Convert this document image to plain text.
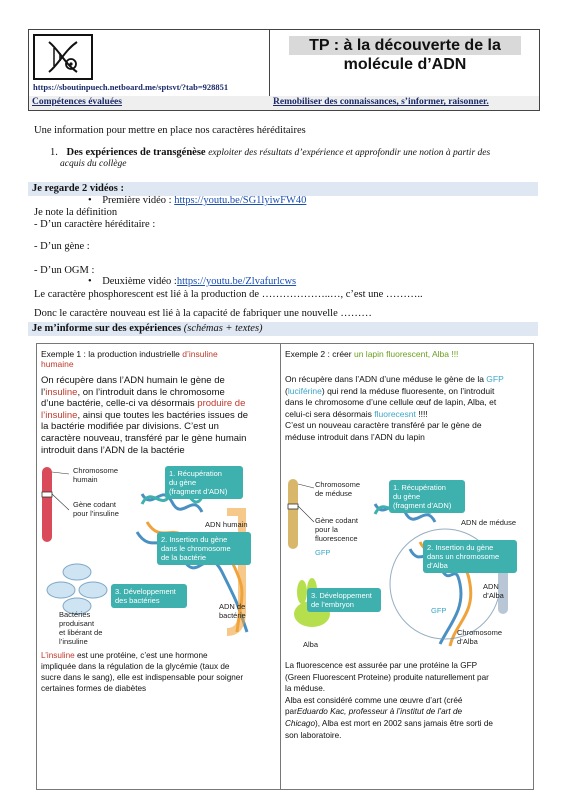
https://sboutinpuech.netboard.me/sptsvt/?tab=928851
TP : à la découverte de la
molécule d’ADN
Compétences évaluées	Remobiliser des connaissances, s’informer, raisonner.
Une information pour mettre en place nos caractères héréditaires
1. Des expériences de transgénèse exploiter des résultats d’expérience et approfondir une notion à partir des
acquis du collège
Je regarde 2 vidéos :
•    Première vidéo : https://youtu.be/SG1lyiwFW40
Je note la définition
- D’un caractère héréditaire :
- D’un gène :
- D’un OGM :
•    Deuxième vidéo :https://youtu.be/Zlvafurlcws
Le caractère phosphorescent est lié à la production de ………………..…, c’est une ………..
Donc le caractère nouveau est lié à la capacité de fabriquer une nouvelle ………
Je m’informe sur des expériences (schémas + textes)
Exemple 1 : la production industrielle d’insuline
humaine
On récupère dans l’ADN humain le gène de
l’insuline, on l’introduit dans le chromosome
d’une bactérie, celle-ci va désormais produire de
l’insuline, ainsi que toutes les bactéries issues de
la bactérie modifiée par divisions. C’est un
caractère nouveau, transféré par le gène humain
introduit dans l’ADN de la bactérie
Chromosome
humain
Gène codant
pour l’insuline
1. Récupération
du gène
(fragment d’ADN)
ADN humain
2. Insertion du gène
dans le chromosome
de la bactérie
3. Développement
des bactéries
ADN de
bactérie
Bactéries
produisant
et libérant de
l’insuline
L’insuline est une protéine, c’est une hormone
impliquée dans la régulation de la glycémie (taux de
sucre dans le sang), elle est indispensable pour soigner
certaines formes de diabètes
Exemple 2 : créer un lapin fluorescent, Alba !!!
On récupère dans l’ADN d’une méduse le gène de la GFP
(luciférine) qui rend la méduse fluoresente, on l’introduit
dans le chromosome d’une cellule œuf de lapin, Alba, et
celui-ci sera désormais fluorecesnt !!!!
C’est un nouveau caractère transféré par le gène de
méduse introduit dans l’ADN du lapin
Chromosome
de méduse
Gène codant
pour la
fluorescence
GFP
1. Récupération
du gène
(fragment d’ADN)
ADN de méduse
2. Insertion du gène
dans un chromosome
d’Alba
ADN
d’Alba
3. Développement
de l’embryon
GFP
Alba
Chromosome
d’Alba
La fluorescence est assurée par une protéine la GFP
(Green Fluorescent Proteine) produite naturellement par
la méduse.
Alba est considéré comme une œuvre d’art (créé
parEduardo Kac, professeur à l’institut de l’art de
Chicago), Alba est mort en 2002 sans jamais être sorti de
son laboratoire.
